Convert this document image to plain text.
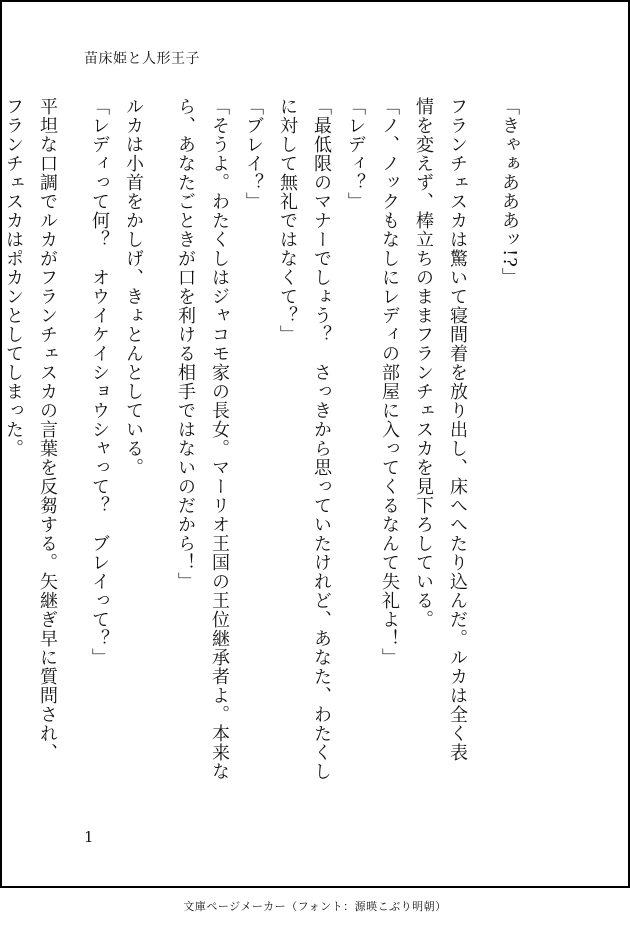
苗床姫と人形王子
「きゃぁあああッ!?」
フランチェスカは驚いて寝間着を放り出し、床へへたり込んだ。ルカは全く表
情を変えず、棒立ちのままフランチェスカを見下ろしている。
「ノ、ノックもなしにレディの部屋に入ってくるなんて失礼よ！」
「レディ？」
「最低限のマナーでしょう？　さっきから思っていたけれど、あなた、わたくし
に対して無礼ではなくて？」
「ブレイ？」
「そうよ。わたくしはジャコモ家の長女。マーリオ王国の王位継承者よ。本来な
ら、あなたごときが口を利ける相手ではないのだから！」
ルカは小首をかしげ、きょとんとしている。
「レディって何？　オウイケイショウシャって？　ブレイって？」
平坦な口調でルカがフランチェスカの言葉を反芻する。矢継ぎ早に質問され、
フランチェスカはポカンとしてしまった。
1
文庫ページメーカー（フォント：源暎こぶり明朝）
